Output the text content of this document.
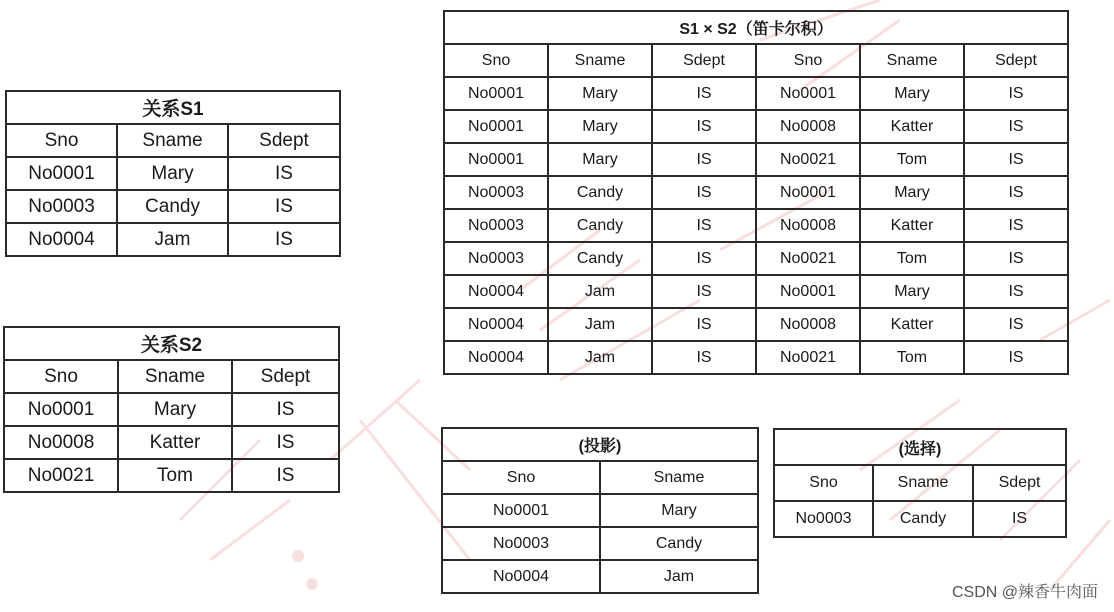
关系S1		
Sno	Sname	Sdept
No0001	Mary	IS
No0003	Candy	IS
No0004	Jam	IS
关系S2		
Sno	Sname	Sdept
No0001	Mary	IS
No0008	Katter	IS
No0021	Tom	IS
S1 × S2（笛卡尔积）					
Sno	Sname	Sdept	Sno	Sname	Sdept
No0001	Mary	IS	No0001	Mary	IS
No0001	Mary	IS	No0008	Katter	IS
No0001	Mary	IS	No0021	Tom	IS
No0003	Candy	IS	No0001	Mary	IS
No0003	Candy	IS	No0008	Katter	IS
No0003	Candy	IS	No0021	Tom	IS
No0004	Jam	IS	No0001	Mary	IS
No0004	Jam	IS	No0008	Katter	IS
No0004	Jam	IS	No0021	Tom	IS
(投影)	
Sno	Sname
No0001	Mary
No0003	Candy
No0004	Jam
(选择)		
Sno	Sname	Sdept
No0003	Candy	IS
CSDN @辣香牛肉面
